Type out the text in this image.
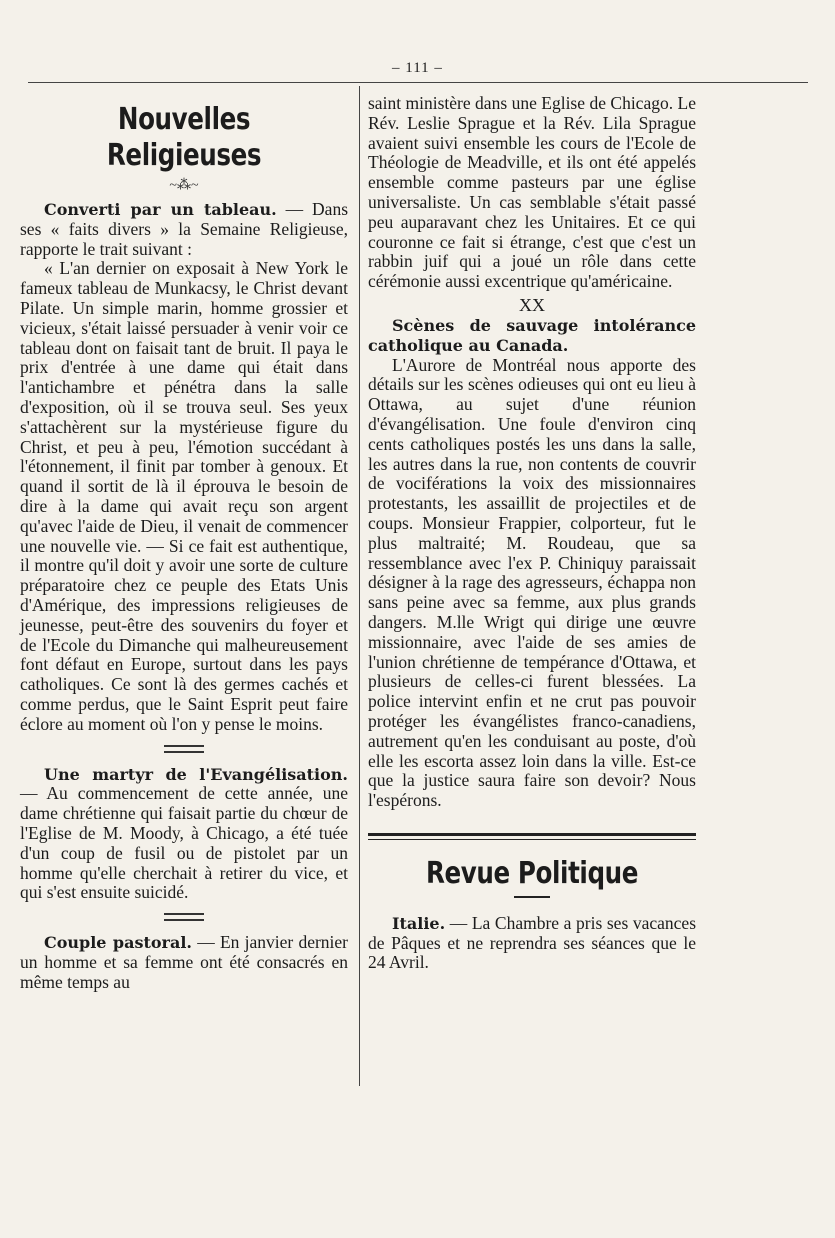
– 111 –
Nouvelles Religieuses
~⁂~

Converti par un tableau. — Dans ses « faits divers » la Semaine Religieuse, rapporte le trait suivant :

« L'an dernier on exposait à New York le fameux tableau de Munkacsy, le Christ devant Pilate. Un simple marin, homme grossier et vicieux, s'était laissé persuader à venir voir ce tableau dont on faisait tant de bruit. Il paya le prix d'entrée à une dame qui était dans l'antichambre et pénétra dans la salle d'exposition, où il se trouva seul. Ses yeux s'attachèrent sur la mystérieuse figure du Christ, et peu à peu, l'émotion succédant à l'étonnement, il finit par tomber à genoux. Et quand il sortit de là il éprouva le besoin de dire à la dame qui avait reçu son argent qu'avec l'aide de Dieu, il venait de commencer une nouvelle vie. — Si ce fait est authentique, il montre qu'il doit y avoir une sorte de culture préparatoire chez ce peuple des Etats Unis d'Amérique, des impressions religieuses de jeunesse, peut-être des souvenirs du foyer et de l'Ecole du Dimanche qui malheureusement font défaut en Europe, surtout dans les pays catholiques. Ce sont là des germes cachés et comme perdus, que le Saint Esprit peut faire éclore au moment où l'on y pense le moins.

Une martyr de l'Evangélisation. — Au commencement de cette année, une dame chrétienne qui faisait partie du chœur de l'Eglise de M. Moody, à Chicago, a été tuée d'un coup de fusil ou de pistolet par un homme qu'elle cherchait à retirer du vice, et qui s'est ensuite suicidé.

Couple pastoral. — En janvier dernier un homme et sa femme ont été consacrés en même temps au

saint ministère dans une Eglise de Chicago. Le Rév. Leslie Sprague et la Rév. Lila Sprague avaient suivi ensemble les cours de l'Ecole de Théologie de Meadville, et ils ont été appelés ensemble comme pasteurs par une église universaliste. Un cas semblable s'était passé peu auparavant chez les Unitaires. Et ce qui couronne ce fait si étrange, c'est que c'est un rabbin juif qui a joué un rôle dans cette cérémonie aussi excentrique qu'américaine.

XX

Scènes de sauvage intolérance catholique au Canada.

L'Aurore de Montréal nous apporte des détails sur les scènes odieuses qui ont eu lieu à Ottawa, au sujet d'une réunion d'évangélisation. Une foule d'environ cinq cents catholiques postés les uns dans la salle, les autres dans la rue, non contents de couvrir de vociférations la voix des missionnaires protestants, les assaillit de projectiles et de coups. Monsieur Frappier, colporteur, fut le plus maltraité; M. Roudeau, que sa ressemblance avec l'ex P. Chiniquy paraissait désigner à la rage des agresseurs, échappa non sans peine avec sa femme, aux plus grands dangers. M.lle Wrigt qui dirige une œuvre missionnaire, avec l'aide de ses amies de l'union chrétienne de tempérance d'Ottawa, et plusieurs de celles-ci furent blessées. La police intervint enfin et ne crut pas pouvoir protéger les évangélistes franco-canadiens, autrement qu'en les conduisant au poste, d'où elle les escorta assez loin dans la ville. Est-ce que la justice saura faire son devoir? Nous l'espérons.

Revue Politique

Italie. — La Chambre a pris ses vacances de Pâques et ne reprendra ses séances que le 24 Avril.
